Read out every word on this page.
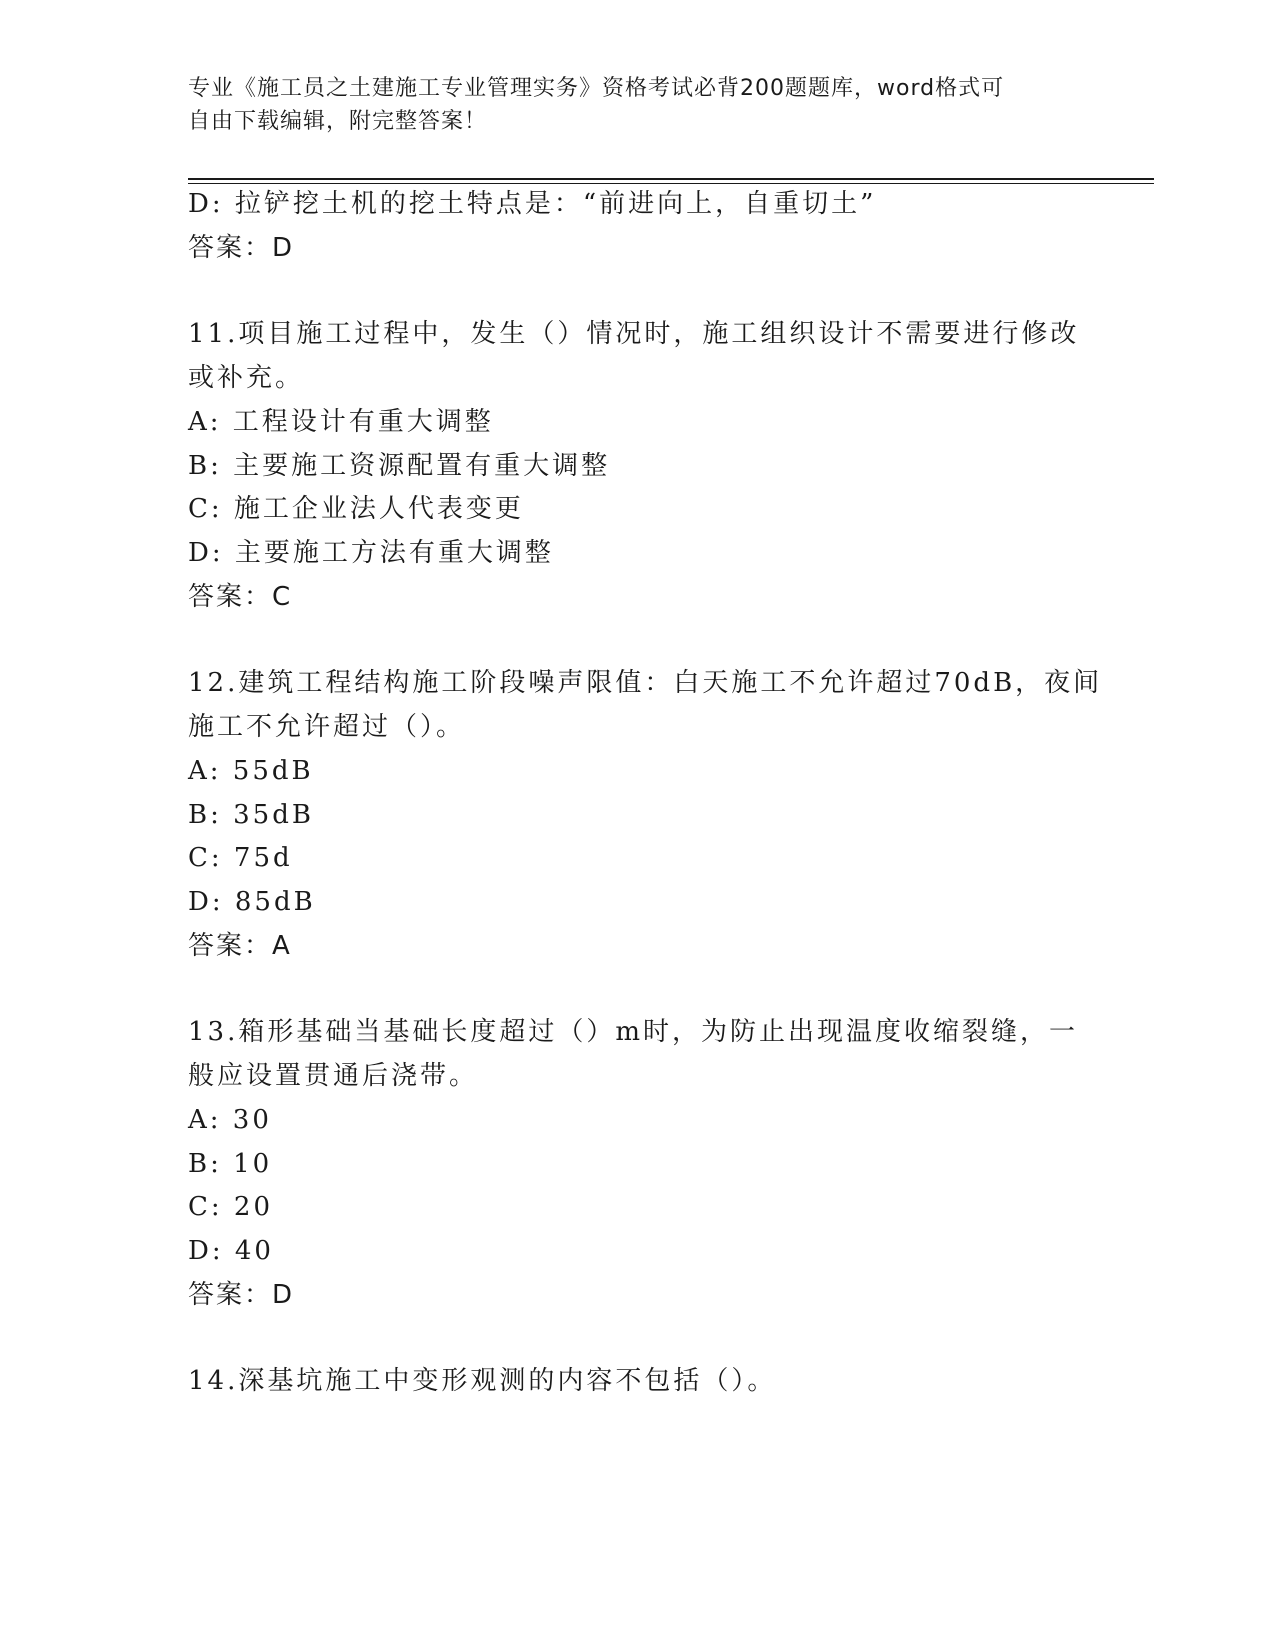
专业《施工员之土建施工专业管理实务》资格考试必背200题题库，word格式可
自由下载编辑，附完整答案！
D: 拉铲挖土机的挖土特点是：“前进向上，自重切土”
答案：D
11.项目施工过程中，发生（）情况时，施工组织设计不需要进行修改
或补充。
A: 工程设计有重大调整
B: 主要施工资源配置有重大调整
C: 施工企业法人代表变更
D: 主要施工方法有重大调整
答案：C
12.建筑工程结构施工阶段噪声限值：白天施工不允许超过70dB，夜间
施工不允许超过（）。
A: 55dB
B: 35dB
C: 75d
D: 85dB
答案：A
13.箱形基础当基础长度超过（）m时，为防止出现温度收缩裂缝，一
般应设置贯通后浇带。
A: 30
B: 10
C: 20
D: 40
答案：D
14.深基坑施工中变形观测的内容不包括（）。
